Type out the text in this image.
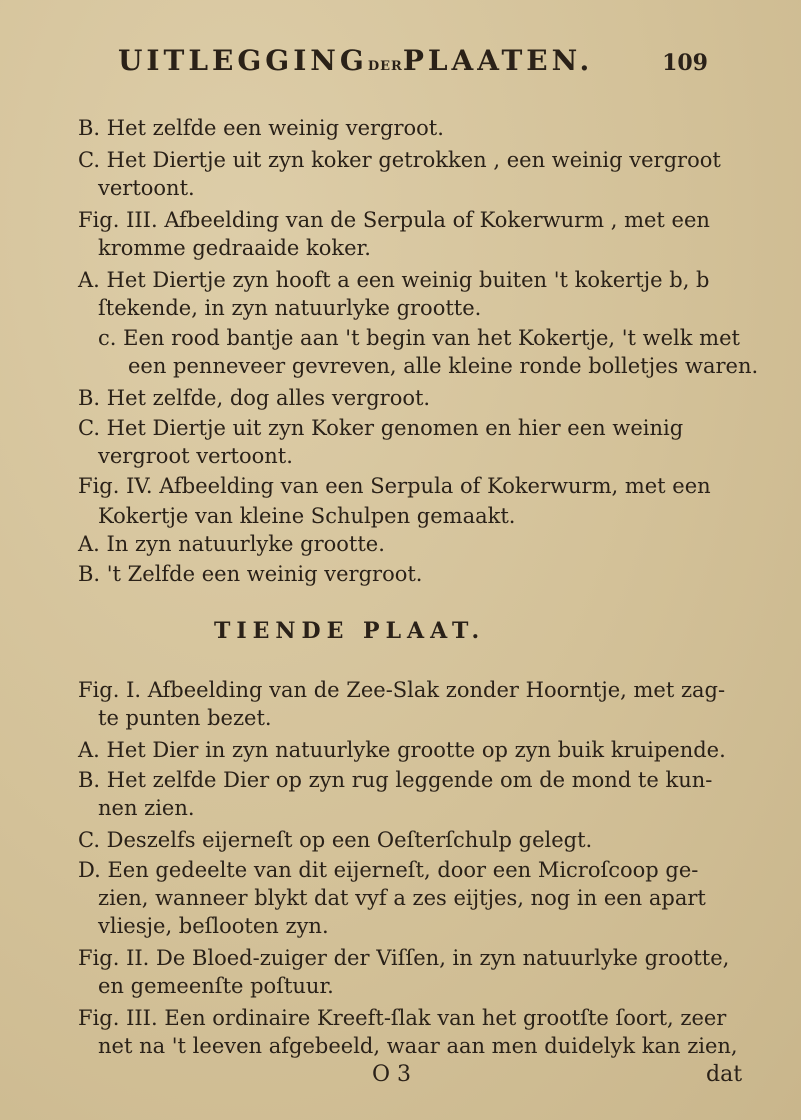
UITLEGGINGDERPLAATEN.	109
B. Het zelfde een weinig vergroot.
C. Het Diertje uit zyn koker getrokken , een weinig vergroot
vertoont.
Fig. III. Afbeelding van de Serpula of Kokerwurm , met een
kromme gedraaide koker.
A. Het Diertje zyn hooft a een weinig buiten 't kokertje b, b
ſtekende, in zyn natuurlyke grootte.
c. Een rood bantje aan 't begin van het Kokertje, 't welk met
een penneveer gevreven, alle kleine ronde bolletjes waren.
B. Het zelfde, dog alles vergroot.
C. Het Diertje uit zyn Koker genomen en hier een weinig
vergroot vertoont.
Fig. IV. Afbeelding van een Serpula of Kokerwurm, met een
Kokertje van kleine Schulpen gemaakt.
A. In zyn natuurlyke grootte.
B. 't Zelfde een weinig vergroot.
TIENDE PLAAT.
Fig. I. Afbeelding van de Zee-Slak zonder Hoorntje, met zag-
te punten bezet.
A. Het Dier in zyn natuurlyke grootte op zyn buik kruipende.
B. Het zelfde Dier op zyn rug leggende om de mond te kun-
nen zien.
C. Deszelfs eijerneſt op een Oeſterſchulp gelegt.
D. Een gedeelte van dit eijerneſt, door een Microſcoop ge-
zien, wanneer blykt dat vyf a zes eijtjes, nog in een apart
vliesje, beſlooten zyn.
Fig. II. De Bloed-zuiger der Viſſen, in zyn natuurlyke grootte,
en gemeenſte poſtuur.
Fig. III. Een ordinaire Kreeft-ſlak van het grootſte ſoort, zeer
O 3	dat
net na 't leeven afgebeeld, waar aan men duidelyk kan zien,
